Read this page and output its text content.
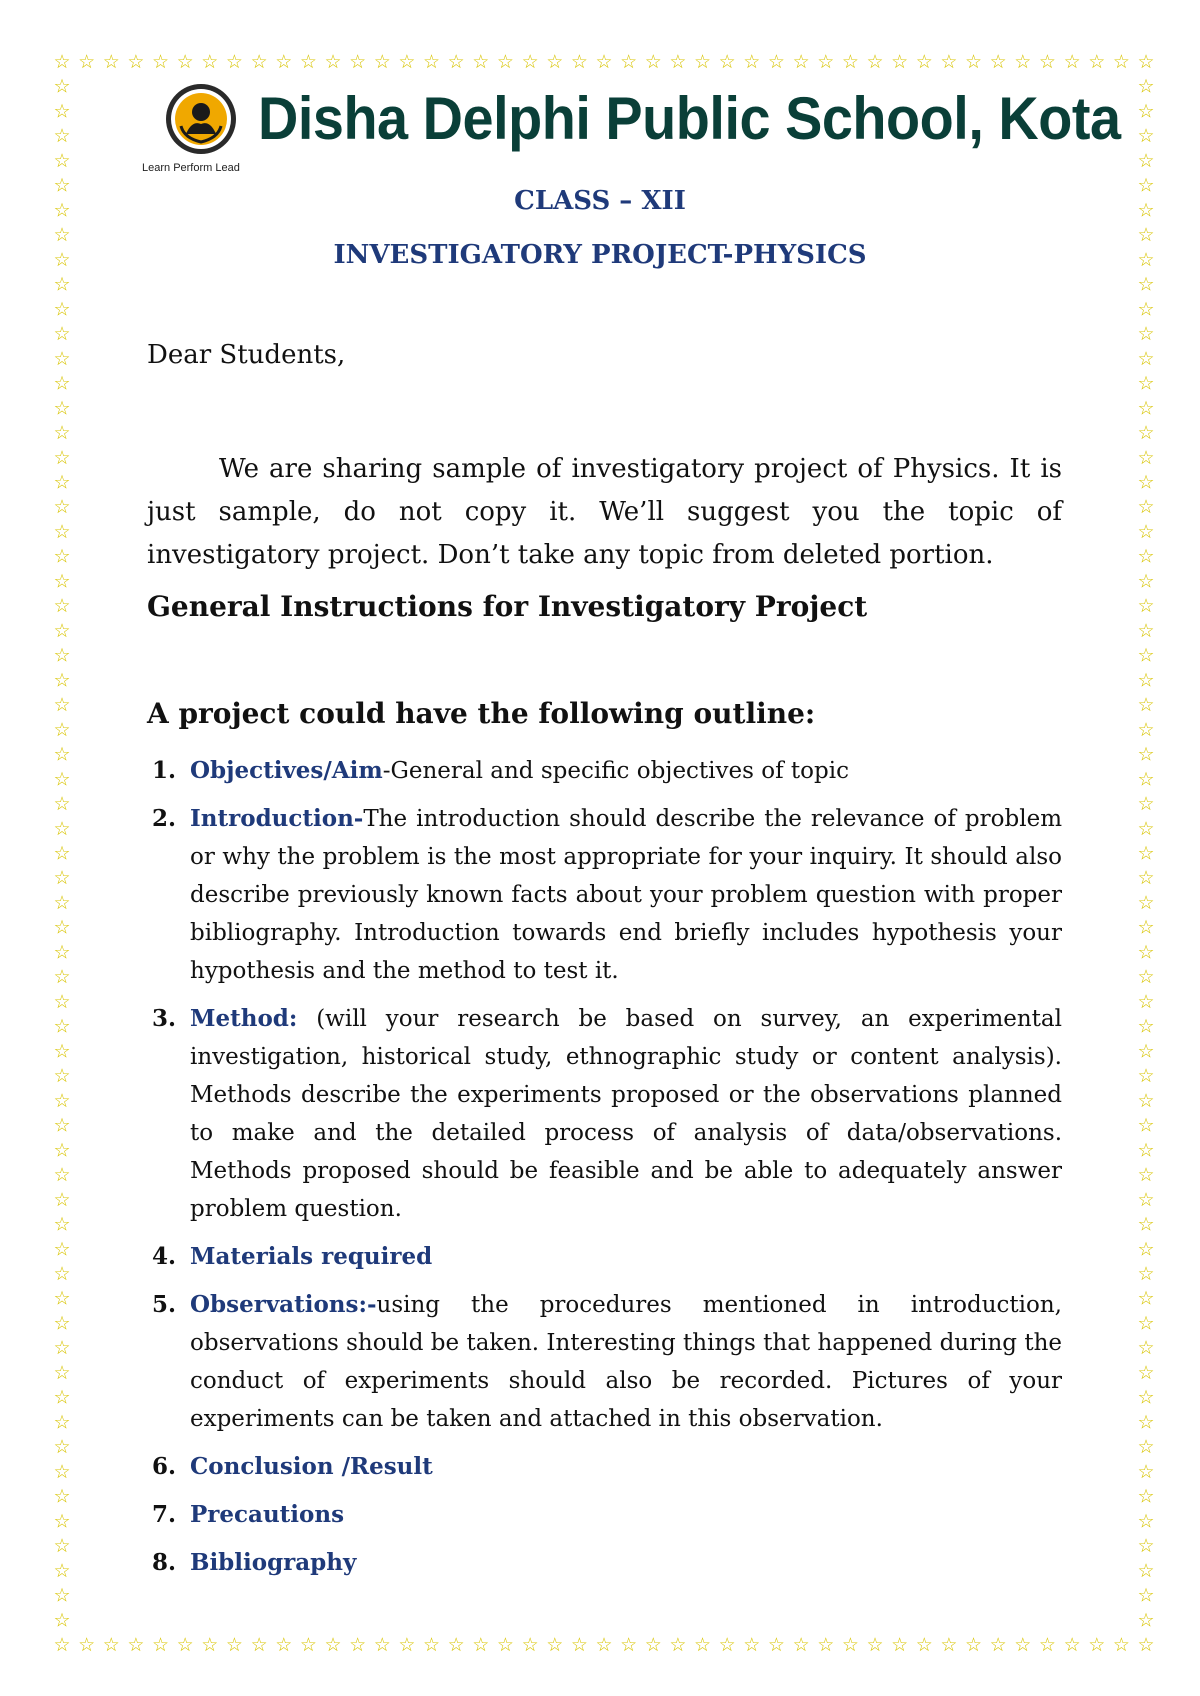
☆
☆
☆
☆
☆
☆
☆
☆
☆
☆
☆
☆
☆
☆
☆
☆
☆
☆
☆
☆
☆
☆
☆
☆
☆
☆
☆
☆
☆
☆
☆
☆
☆
☆
☆
☆
☆
☆
☆
☆
☆
☆
☆
☆
☆
☆
☆
☆
☆
☆
☆
☆
☆
☆
☆
☆
☆
☆
☆
☆
☆
☆
☆
☆
☆
☆
☆
☆
☆
☆
☆
☆
☆
☆
☆
☆
☆
☆
☆
☆
☆
☆
☆
☆
☆
☆
☆
☆
☆
☆
☆	☆
☆	☆
☆	☆
☆	☆
☆	☆
☆	☆
☆	☆
☆	☆
☆	☆
☆	☆
☆	☆
☆	☆
☆	☆
☆	☆
☆	☆
☆	☆
☆	☆
☆	☆
☆	☆
☆	☆
☆	☆
☆	☆
☆	☆
☆	☆
☆	☆
☆	☆
☆	☆
☆	☆
☆	☆
☆	☆
☆	☆
☆	☆
☆	☆
☆	☆
☆	☆
☆	☆
☆	☆
☆	☆
☆	☆
☆	☆
☆	☆
☆	☆
☆	☆
☆	☆
☆	☆
☆	☆
☆	☆
☆	☆
☆	☆
☆	☆
☆	☆
☆	☆
☆	☆
☆	☆
☆	☆
☆	☆
☆	☆
☆	☆
☆	☆
☆	☆
☆	☆
☆	☆
☆	☆
Learn Perform Lead
Disha Delphi Public School, Kota
CLASS – XII
INVESTIGATORY PROJECT-PHYSICS
Dear Students,
We are sharing sample of investigatory project of Physics. It is just sample, do not copy it. We’ll suggest you the topic of investigatory project. Don’t take any topic from deleted portion.
General Instructions for Investigatory Project
A project could have the following outline:
1. Objectives/Aim-General and specific objectives of topic
2. Introduction-The introduction should describe the relevance of problem or why the problem is the most appropriate for your inquiry. It should also describe previously known facts about your problem question with proper bibliography. Introduction towards end briefly includes hypothesis your hypothesis and the method to test it.
3. Method: (will your research be based on survey, an experimental investigation, historical study, ethnographic study or content analysis). Methods describe the experiments proposed or the observations planned to make and the detailed process of analysis of data/observations. Methods proposed should be feasible and be able to adequately answer problem question.
4. Materials required
5. Observations:-using the procedures mentioned in introduction, observations should be taken. Interesting things that happened during the conduct of experiments should also be recorded. Pictures of your experiments can be taken and attached in this observation.
6. Conclusion /Result
7. Precautions
8. Bibliography
